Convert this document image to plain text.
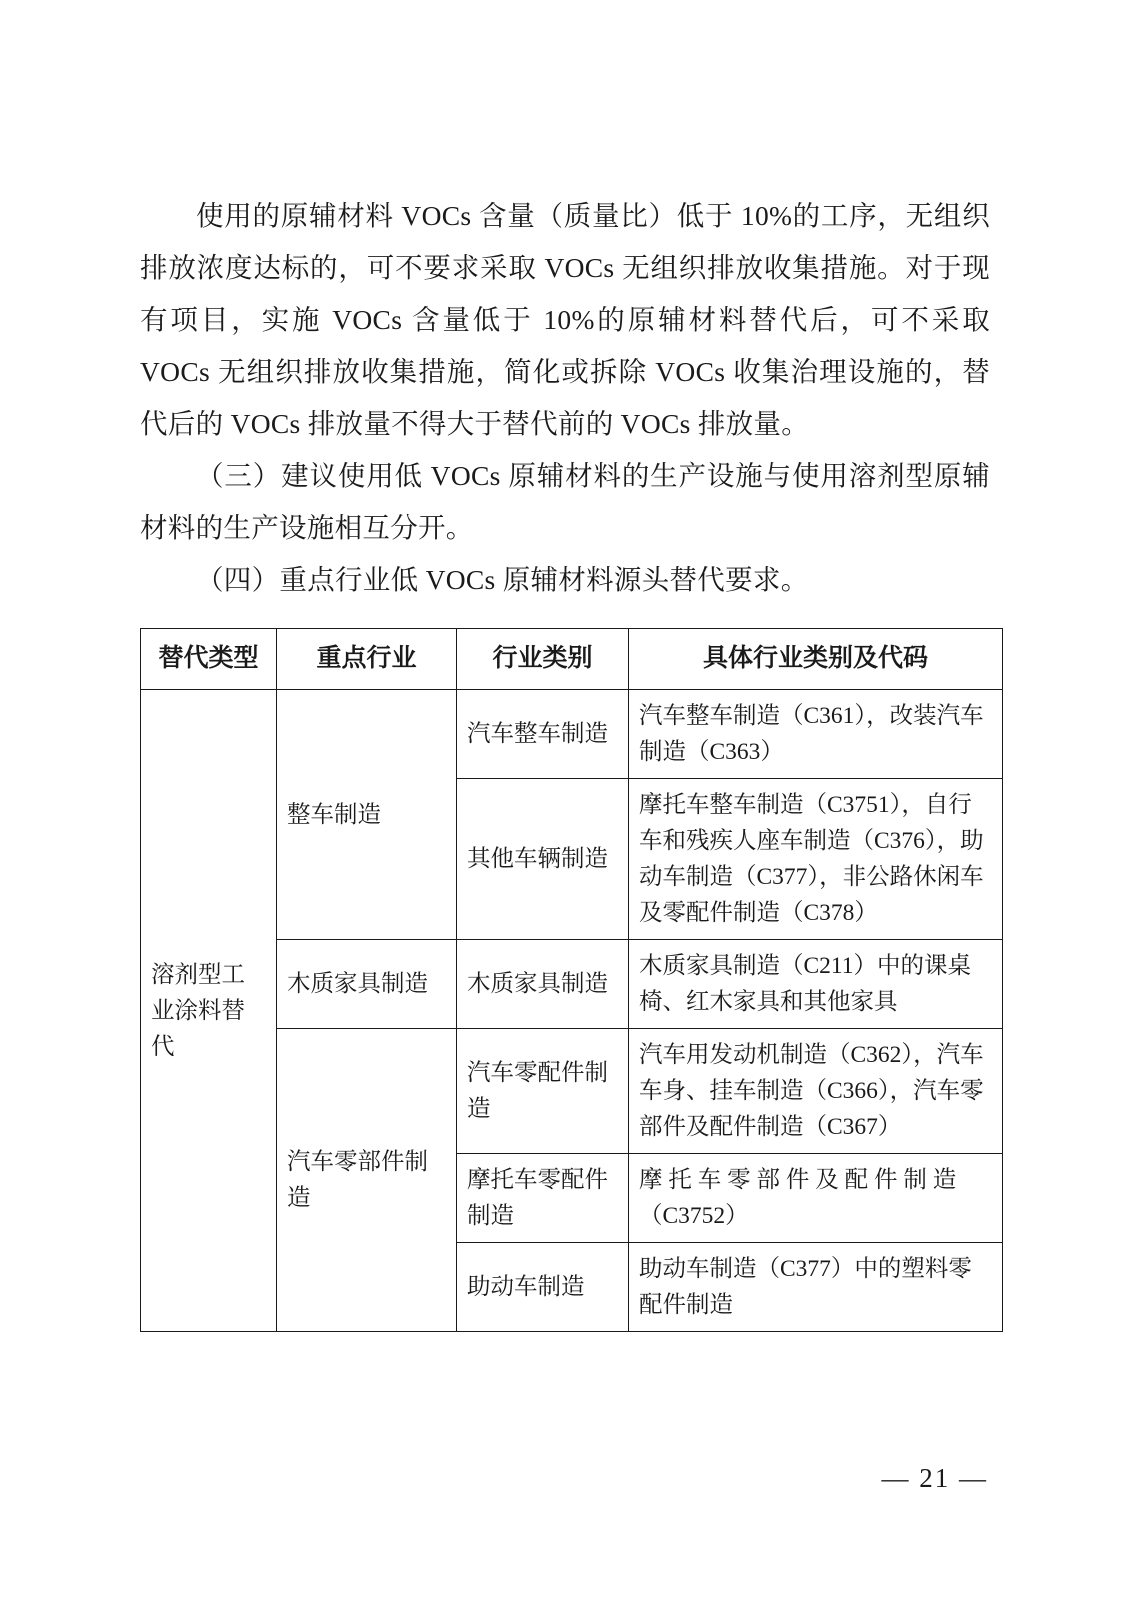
使用的原辅材料 VOCs 含量（质量比）低于 10%的工序，无组织排放浓度达标的，可不要求采取 VOCs 无组织排放收集措施。对于现有项目，实施 VOCs 含量低于 10%的原辅材料替代后，可不采取 VOCs 无组织排放收集措施，简化或拆除 VOCs 收集治理设施的，替代后的 VOCs 排放量不得大于替代前的 VOCs 排放量。

（三）建议使用低 VOCs 原辅材料的生产设施与使用溶剂型原辅材料的生产设施相互分开。

（四）重点行业低 VOCs 原辅材料源头替代要求。

替代类型	重点行业	行业类别	具体行业类别及代码
溶剂型工业涂料替代	整车制造	汽车整车制造	汽车整车制造（C361），改装汽车制造（C363）
		其他车辆制造	摩托车整车制造（C3751），自行车和残疾人座车制造（C376），助动车制造（C377），非公路休闲车及零配件制造（C378）
	木质家具制造	木质家具制造	木质家具制造（C211）中的课桌椅、红木家具和其他家具
	汽车零部件制造	汽车零配件制造	汽车用发动机制造（C362），汽车车身、挂车制造（C366），汽车零部件及配件制造（C367）
		摩托车零配件制造	摩 托 车 零 部 件 及 配 件 制 造（C3752）
		助动车制造	助动车制造（C377）中的塑料零配件制造
— 21 —
